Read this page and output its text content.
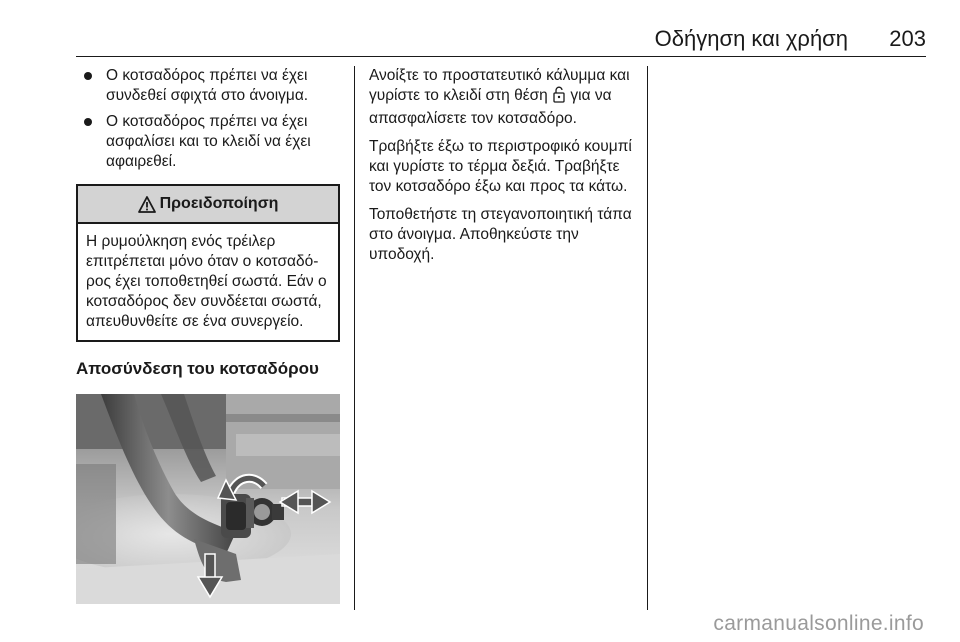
Οδήγηση και χρήση 203
Ο κοτσαδόρος πρέπει να έχει συνδεθεί σφιχτά στο άνοιγμα.
Ο κοτσαδόρος πρέπει να έχει ασφαλίσει και το κλειδί να έχει αφαιρεθεί.
Προειδοποίηση
Η ρυμούλκηση ενός τρέιλερ επιτρέπεται μόνο όταν ο κοτσαδόρος έχει τοποθετηθεί σωστά. Εάν ο κοτσαδόρος δεν συνδέεται σωστά, απευθυνθείτε σε ένα συνεργείο.
Αποσύνδεση του κοτσαδόρου

Ανοίξτε το προστατευτικό κάλυμμα και γυρίστε το κλειδί στη θέση  για να απασφαλίσετε τον κοτσαδόρο.

Τραβήξτε έξω το περιστροφικό κουμπί και γυρίστε το τέρμα δεξιά. Τραβήξτε τον κοτσαδόρο έξω και προς τα κάτω.

Τοποθετήστε τη στεγανοποιητική τάπα στο άνοιγμα. Αποθηκεύστε την υποδοχή.

carmanualsonline.info
